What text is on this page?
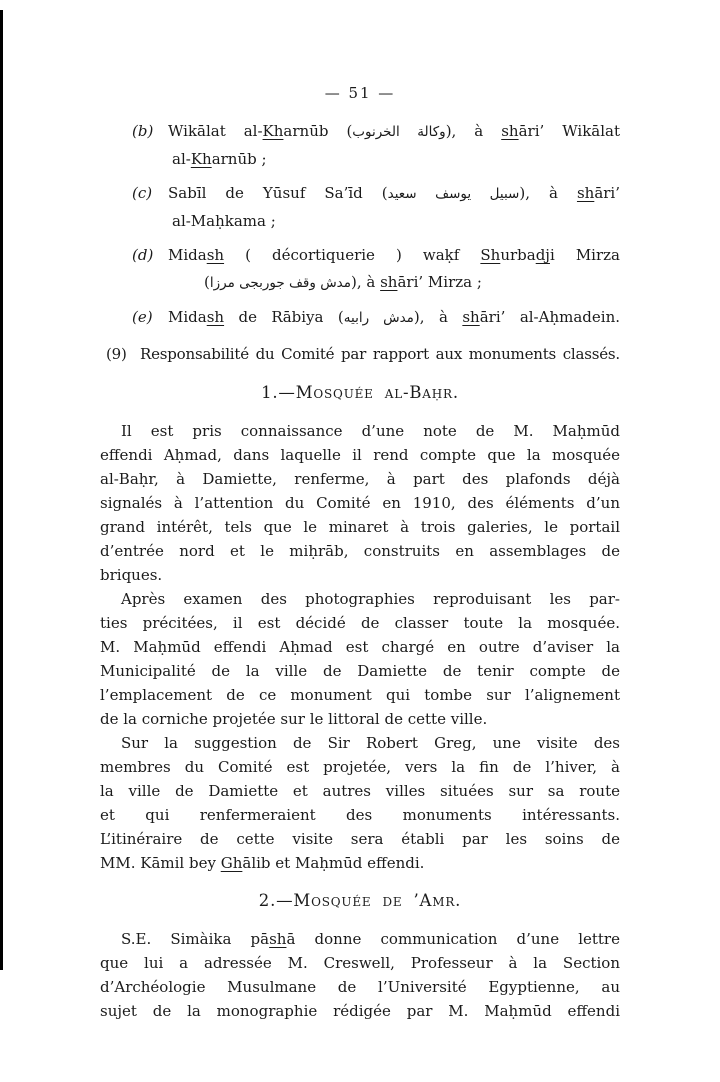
— 51 —
(b) Wikālat al-Kharnūb (وكالة الخرنوب), à shāri’ Wikālat
al-Kharnūb ;
(c) Sabīl de Yūsuf Sa’īd (سبيل يوسف سعيد), à shāri’
al-Maḥkama ;
(d) Midash ( décortiquerie ) waḳf Shurbadji Mirza
(مدش وقف جوربجى مرزا), à shāri’ Mirza ;
(e) Midash de Rābiya (مدش رابيه), à shāri’ al-Aḥmadein.
(9) Responsabilité du Comité par rapport aux monuments classés.
1.—Mosquée al-Baḥr.
Il est pris connaissance d’une note de M. Maḥmūd
effendi Aḥmad, dans laquelle il rend compte que la mosquée
al-Baḥr, à Damiette, renferme, à part des plafonds déjà
signalés à l’attention du Comité en 1910, des éléments d’un
grand intérêt, tels que le minaret à trois galeries, le portail
d’entrée nord et le miḥrāb, construits en assemblages de
briques.
Après examen des photographies reproduisant les par-
ties précitées, il est décidé de classer toute la mosquée.
M. Maḥmūd effendi Aḥmad est chargé en outre d’aviser la
Municipalité de la ville de Damiette de tenir compte de
l’emplacement de ce monument qui tombe sur l’alignement
de la corniche projetée sur le littoral de cette ville.
Sur la suggestion de Sir Robert Greg, une visite des
membres du Comité est projetée, vers la fin de l’hiver, à
la ville de Damiette et autres villes situées sur sa route
et qui renfermeraient des monuments intéressants.
L’itinéraire de cette visite sera établi par les soins de
MM. Kāmil bey Ghālib et Maḥmūd effendi.
2.—Mosquée de ’Amr.
S.E. Simàika pāshā donne communication d’une lettre
que lui a adressée M. Creswell, Professeur à la Section
d’Archéologie Musulmane de l’Université Egyptienne, au
sujet de la monographie rédigée par M. Maḥmūd effendi
